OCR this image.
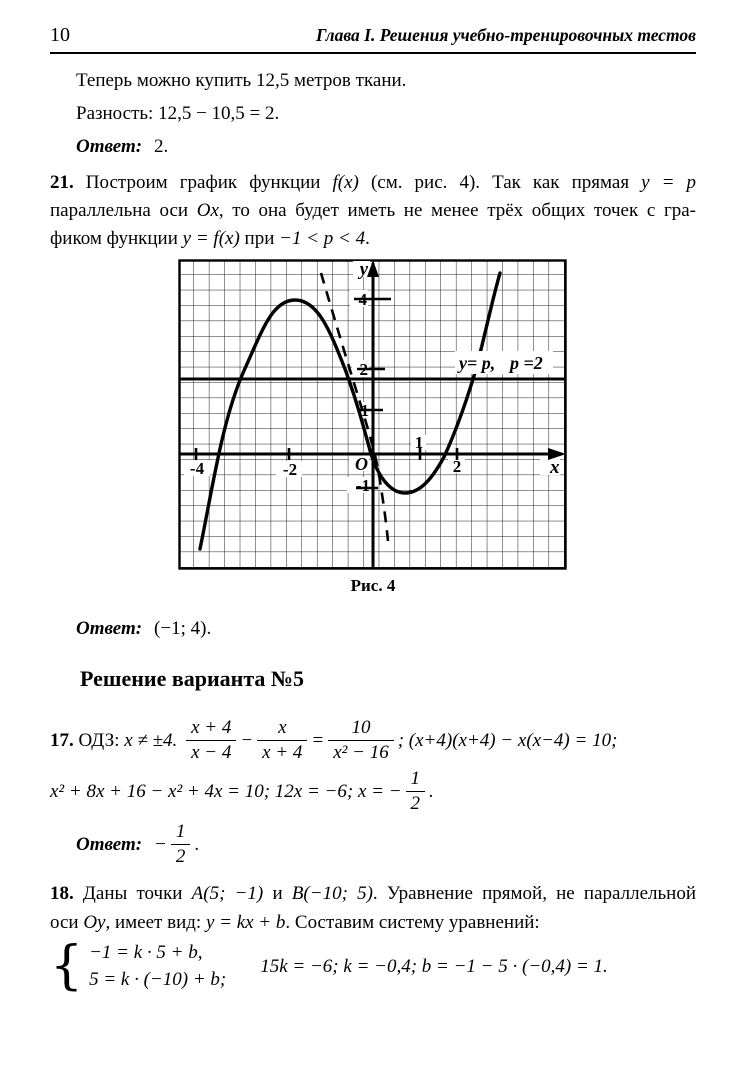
10	Глава I. Решения учебно-тренировочных тестов
Теперь можно купить 12,5 метров ткани.
Разность: 12,5 − 10,5 = 2.
Ответ: 2.
21. Построим график функции f(x) (см. рис. 4). Так как прямая y = p
параллельна оси Ox, то она будет иметь не менее трёх общих точек с гра-
фиком функции y = f(x) при −1 < p < 4.
y= p, p =2
y
x
O
4
2
1
-1
1
2
-2
-4
Рис. 4
Ответ: (−1; 4).
Решение варианта №5
17. ОДЗ: x ≠ ±4.
$\frac{x + 4}{x - 4} - \frac{x}{x + 4} = \frac{10}{\text{x² − 16}}$ ; (x+4)(x+4) − x(x−4) = 10;
x² + 8x + 16 − x² + 4x = 10; 12x = −6; x = − $\frac{1}{2}$ .
Ответ: − $\frac{1}{2}$ .
18. Даны точки A(5; −1) и B(−10; 5). Уравнение прямой, не параллельной
оси Oy, имеет вид: y = kx + b. Составим систему уравнений:
{ −1 = k · 5 + b,
5 = k · (−10) + b;
15k = −6; k = −0,4; b = −1 − 5 · (−0,4) = 1.
